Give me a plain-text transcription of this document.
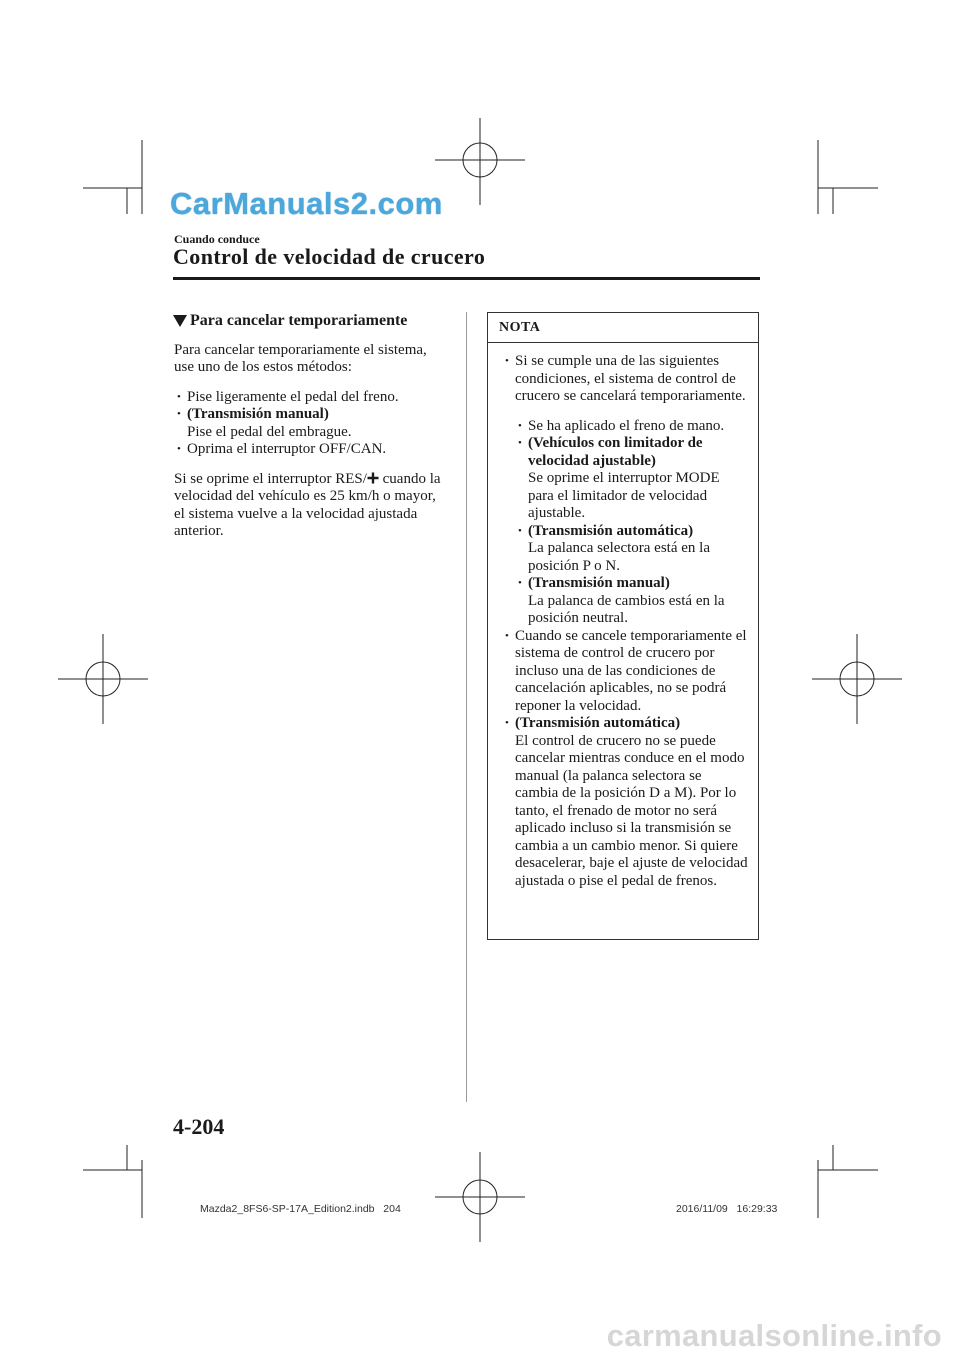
CarManuals2.com
Cuando conduce
Control de velocidad de crucero
Para cancelar temporariamente

Para cancelar temporariamente el sistema, use uno de los estos métodos:

• Pise ligeramente el pedal del freno.
• (Transmisión manual)
Pise el pedal del embrague.
• Oprima el interruptor OFF/CAN.

Si se oprime el interruptor RES/ cuando la velocidad del vehículo es 25 km/h o mayor, el sistema vuelve a la velocidad ajustada anterior.

NOTA
• Si se cumple una de las siguientes condiciones, el sistema de control de crucero se cancelará temporariamente.
• Se ha aplicado el freno de mano.
• (Vehículos con limitador de velocidad ajustable)
Se oprime el interruptor MODE para el limitador de velocidad ajustable.
• (Transmisión automática)
La palanca selectora está en la posición P o N.
• (Transmisión manual)
La palanca de cambios está en la posición neutral.
• Cuando se cancele temporariamente el sistema de control de crucero por incluso una de las condiciones de cancelación aplicables, no se podrá reponer la velocidad.
• (Transmisión automática)
El control de crucero no se puede cancelar mientras conduce en el modo manual (la palanca selectora se cambia de la posición D a M). Por lo tanto, el frenado de motor no será aplicado incluso si la transmisión se cambia a un cambio menor. Si quiere desacelerar, baje el ajuste de velocidad ajustada o pise el pedal de frenos.
4-204
Mazda2_8FS6-SP-17A_Edition2.indb   204	2016/11/09   16:29:33
carmanualsonline.info
